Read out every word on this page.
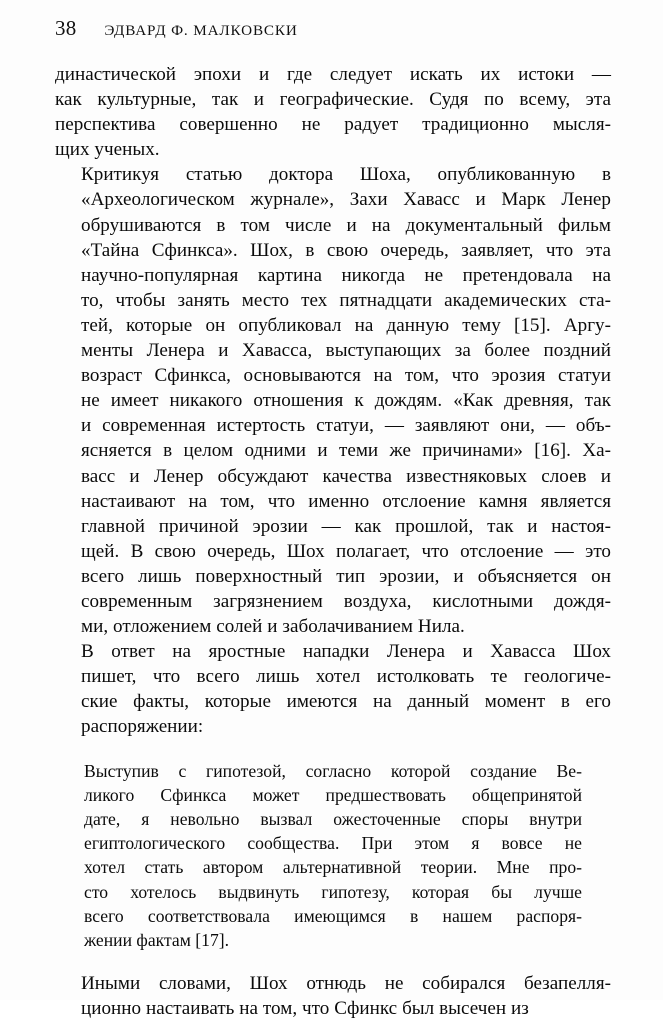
38 ЭДВАРД Ф. МАЛКОВСКИ

династической эпохи и где следует искать их истоки —
как культурные, так и географические. Судя по всему, эта
перспектива совершенно не радует традиционно мысля-
щих ученых.

Критикуя статью доктора Шоха, опубликованную в
«Археологическом журнале», Захи Хавасс и Марк Ленер
обрушиваются в том числе и на документальный фильм
«Тайна Сфинкса». Шох, в свою очередь, заявляет, что эта
научно-популярная картина никогда не претендовала на
то, чтобы занять место тех пятнадцати академических ста-
тей, которые он опубликовал на данную тему [15]. Аргу-
менты Ленера и Хавасса, выступающих за более поздний
возраст Сфинкса, основываются на том, что эрозия статуи
не имеет никакого отношения к дождям. «Как древняя, так
и современная истертость статуи, — заявляют они, — объ-
ясняется в целом одними и теми же причинами» [16]. Ха-
васс и Ленер обсуждают качества известняковых слоев и
настаивают на том, что именно отслоение камня является
главной причиной эрозии — как прошлой, так и настоя-
щей. В свою очередь, Шох полагает, что отслоение — это
всего лишь поверхностный тип эрозии, и объясняется он
современным загрязнением воздуха, кислотными дождя-
ми, отложением солей и заболачиванием Нила.

В ответ на яростные нападки Ленера и Хавасса Шох
пишет, что всего лишь хотел истолковать те геологиче-
ские факты, которые имеются на данный момент в его
распоряжении:

Выступив с гипотезой, согласно которой создание Ве-
ликого Сфинкса может предшествовать общепринятой
дате, я невольно вызвал ожесточенные споры внутри
египтологического сообщества. При этом я вовсе не
хотел стать автором альтернативной теории. Мне про-
сто хотелось выдвинуть гипотезу, которая бы лучше
всего соответствовала имеющимся в нашем распоря-
жении фактам [17].

Иными словами, Шох отнюдь не собирался безапелля-
ционно настаивать на том, что Сфинкс был высечен из
